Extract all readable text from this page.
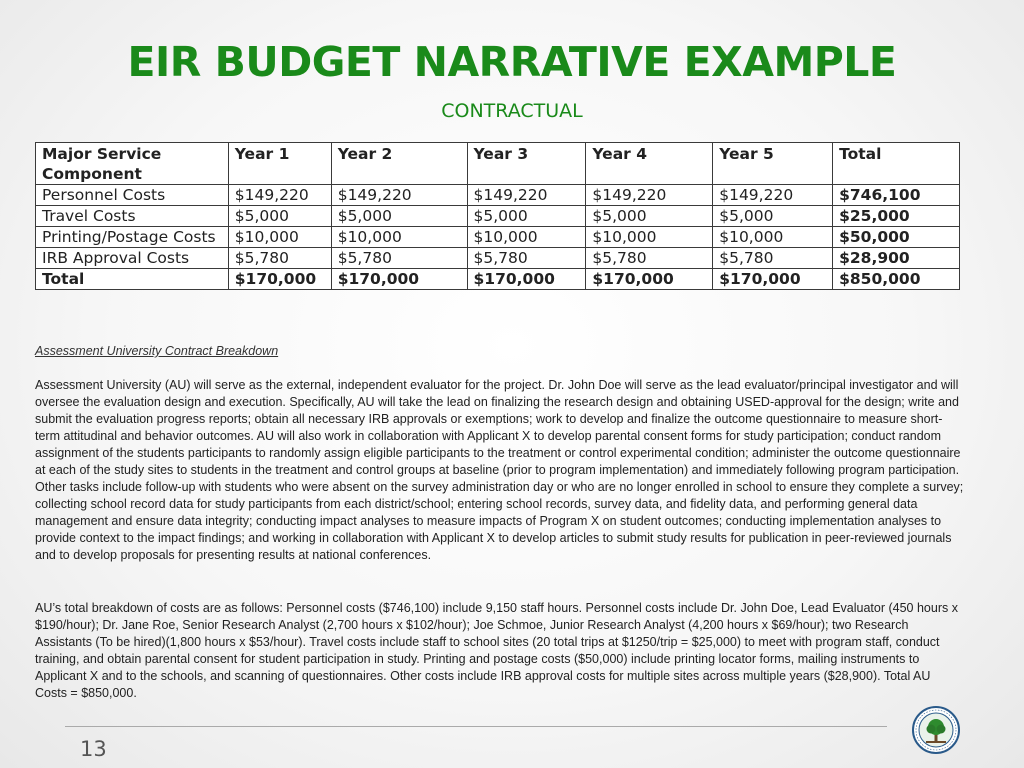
EIR BUDGET NARRATIVE EXAMPLE
CONTRACTUAL
Major Service Component	Year 1	Year 2	Year 3	Year 4	Year 5	Total
Personnel Costs	$149,220	$149,220	$149,220	$149,220	$149,220	$746,100
Travel Costs	$5,000	$5,000	$5,000	$5,000	$5,000	$25,000
Printing/Postage Costs	$10,000	$10,000	$10,000	$10,000	$10,000	$50,000
IRB Approval Costs	$5,780	$5,780	$5,780	$5,780	$5,780	$28,900
Total	$170,000	$170,000	$170,000	$170,000	$170,000	$850,000
Assessment University Contract Breakdown

Assessment University (AU) will serve as the external, independent evaluator for the project. Dr. John Doe will serve as the lead evaluator/principal investigator and will oversee the evaluation design and execution. Specifically, AU will take the lead on finalizing the research design and obtaining USED-approval for the design; write and submit the evaluation progress reports; obtain all necessary IRB approvals or exemptions; work to develop and finalize the outcome questionnaire to measure short-term attitudinal and behavior outcomes. AU will also work in collaboration with Applicant X to develop parental consent forms for study participation; conduct random assignment of the students participants to randomly assign eligible participants to the treatment or control experimental condition; administer the outcome questionnaire at each of the study sites to students in the treatment and control groups at baseline (prior to program implementation) and immediately following program participation. Other tasks include follow-up with students who were absent on the survey administration day or who are no longer enrolled in school to ensure they complete a survey; collecting school record data for study participants from each district/school; entering school records, survey data, and fidelity data, and performing general data management and ensure data integrity; conducting impact analyses to measure impacts of Program X on student outcomes; conducting implementation analyses to provide context to the impact findings; and working in collaboration with Applicant X to develop articles to submit study results for publication in peer-reviewed journals and to develop proposals for presenting results at national conferences.

AU’s total breakdown of costs are as follows: Personnel costs ($746,100) include 9,150 staff hours. Personnel costs include Dr. John Doe, Lead Evaluator (450 hours x $190/hour); Dr. Jane Roe, Senior Research Analyst (2,700 hours x $102/hour); Joe Schmoe, Junior Research Analyst (4,200 hours x $69/hour); two Research Assistants (To be hired)(1,800 hours x $53/hour). Travel costs include staff to school sites (20 total trips at $1250/trip = $25,000) to meet with program staff, conduct training, and obtain parental consent for student participation in study. Printing and postage costs ($50,000) include printing locator forms, mailing instruments to Applicant X and to the schools, and scanning of questionnaires. Other costs include IRB approval costs for multiple sites across multiple years ($28,900). Total AU Costs = $850,000.

13
